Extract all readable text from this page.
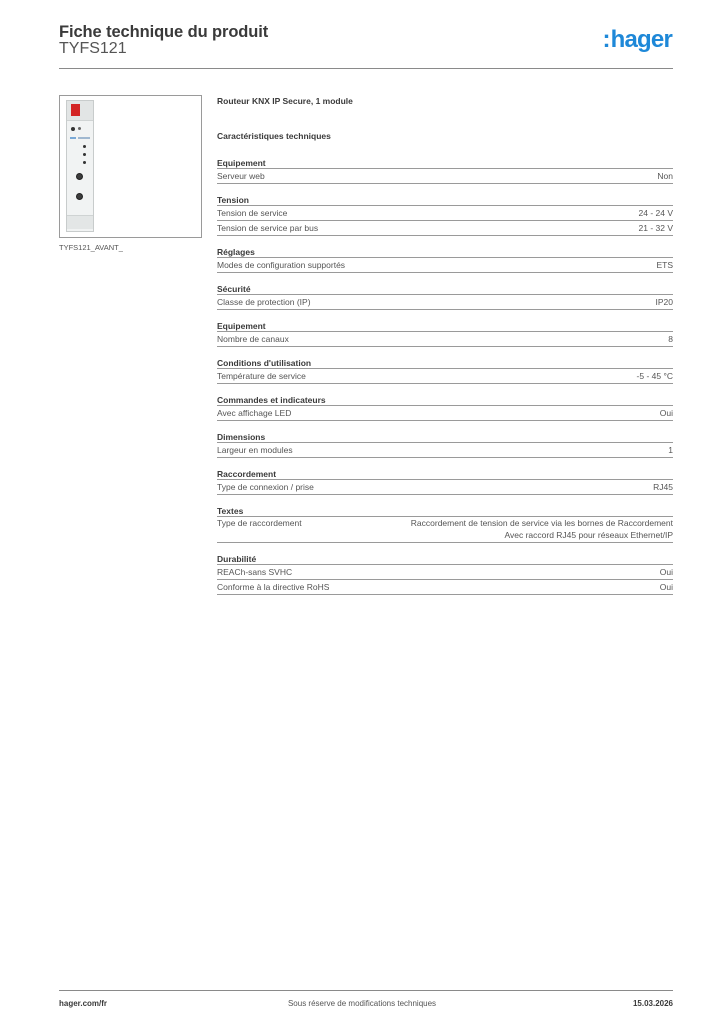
Fiche technique du produit
TYFS121	:hager
TYFS121_AVANT_
Routeur KNX IP Secure, 1 module
Caractéristiques techniques
Equipement
Serveur web	Non
Tension
Tension de service	24 - 24 V
Tension de service par bus	21 - 32 V
Réglages
Modes de configuration supportés	ETS
Sécurité
Classe de protection (IP)	IP20
Equipement
Nombre de canaux	8
Conditions d'utilisation
Température de service	-5 - 45 °C
Commandes et indicateurs
Avec affichage LED	Oui
Dimensions
Largeur en modules	1
Raccordement
Type de connexion / prise	RJ45
Textes
Type de raccordement	Raccordement de tension de service via les bornes de Raccordement
Avec raccord RJ45 pour réseaux Ethernet/IP
Durabilité
REACh-sans SVHC	Oui
Conforme à la directive RoHS	Oui
hager.com/fr	Sous réserve de modifications techniques	15.03.2026
